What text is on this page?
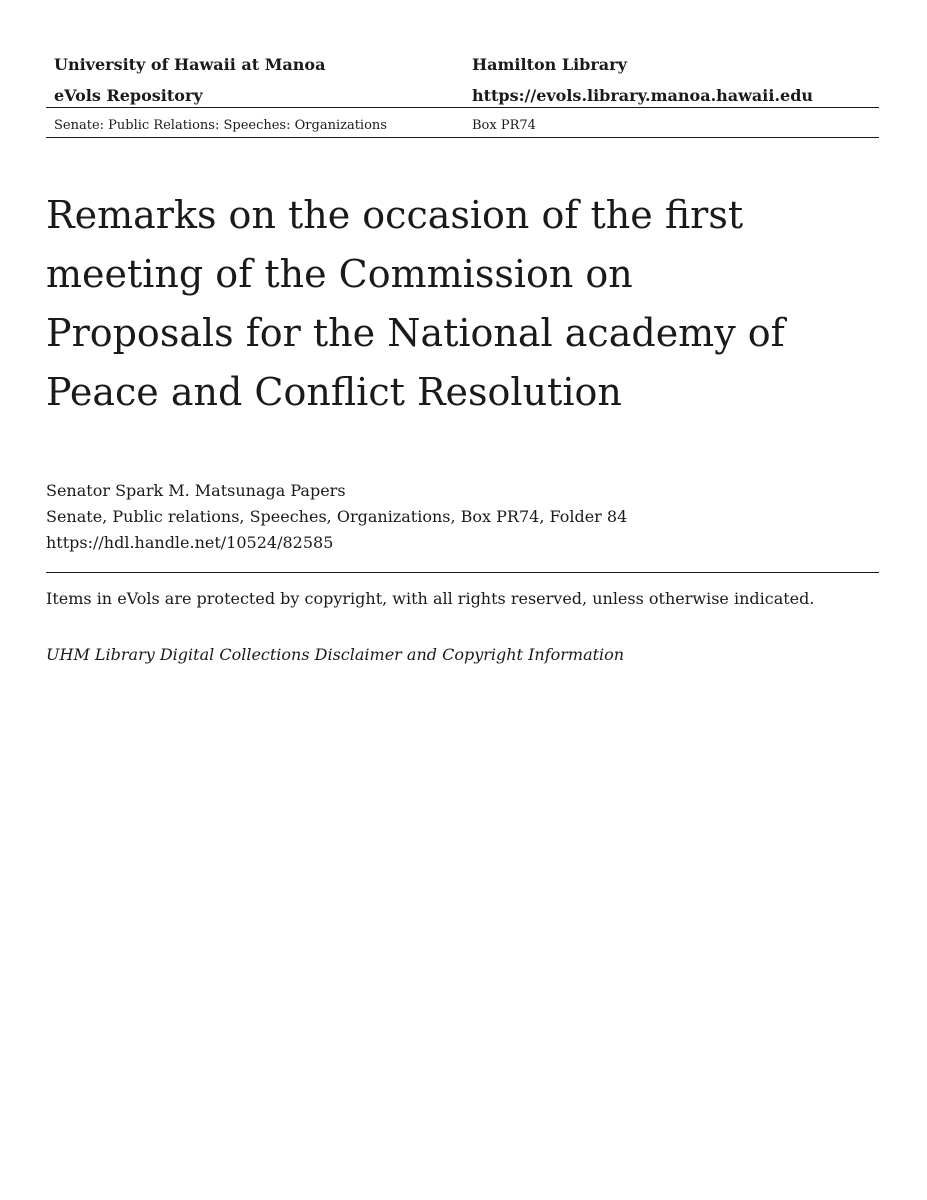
University of Hawaii at Manoa	Hamilton Library
eVols Repository	https://evols.library.manoa.hawaii.edu
Senate: Public Relations: Speeches: Organizations	Box PR74
Remarks on the occasion of the first meeting of the Commission on Proposals for the National academy of Peace and Conflict Resolution
Senator Spark M. Matsunaga Papers
Senate, Public relations, Speeches, Organizations, Box PR74, Folder 84
https://hdl.handle.net/10524/82585
Items in eVols are protected by copyright, with all rights reserved, unless otherwise indicated.
UHM Library Digital Collections Disclaimer and Copyright Information
